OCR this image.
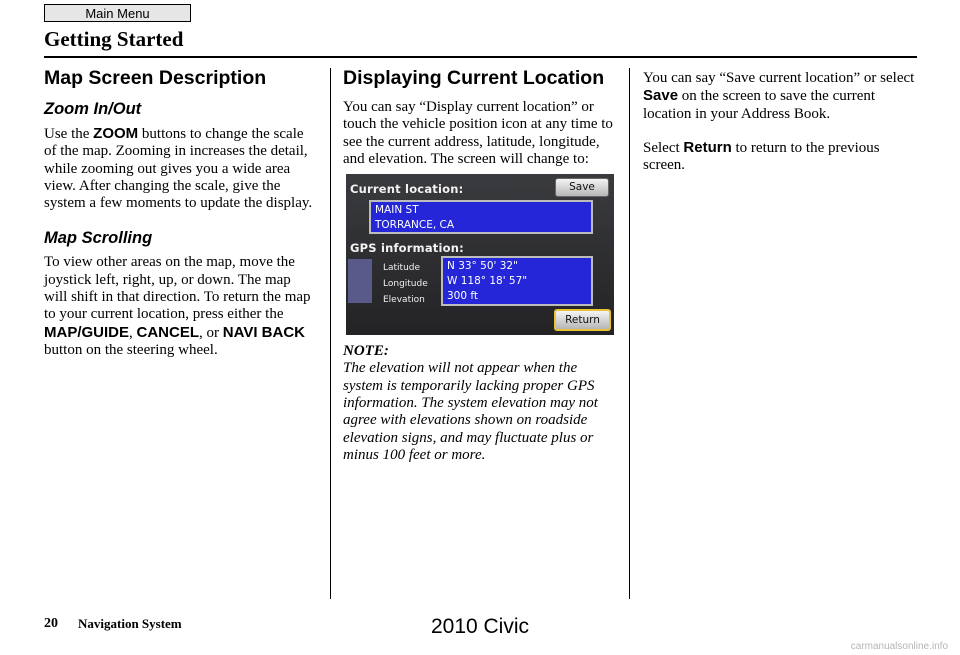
Main Menu
Getting Started
Map Screen Description
Zoom In/Out

Use the ZOOM buttons to change the scale of the map. Zooming in increases the detail, while zooming out gives you a wide area view. After changing the scale, give the system a few moments to update the display.

Map Scrolling

To view other areas on the map, move the joystick left, right, up, or down. The map will shift in that direction. To return the map to your current location, press either the MAP/GUIDE, CANCEL, or NAVI BACK button on the steering wheel.

Displaying Current Location

You can say “Display current location” or touch the vehicle position icon at any time to see the current address, latitude, longitude, and elevation. The screen will change to:

Current location:	Save
MAIN ST
TORRANCE, CA
GPS information:
Latitude
Longitude
Elevation
N 33° 50' 32"
W 118° 18' 57"
300 ft
Return
NOTE:
The elevation will not appear when the system is temporarily lacking proper GPS information. The system elevation may not agree with elevations shown on roadside elevation signs, and may fluctuate plus or minus 100 feet or more.

You can say “Save current location” or select Save on the screen to save the current location in your Address Book.

Select Return to return to the previous screen.

20 Navigation System	2010 Civic
carmanualsonline.info
